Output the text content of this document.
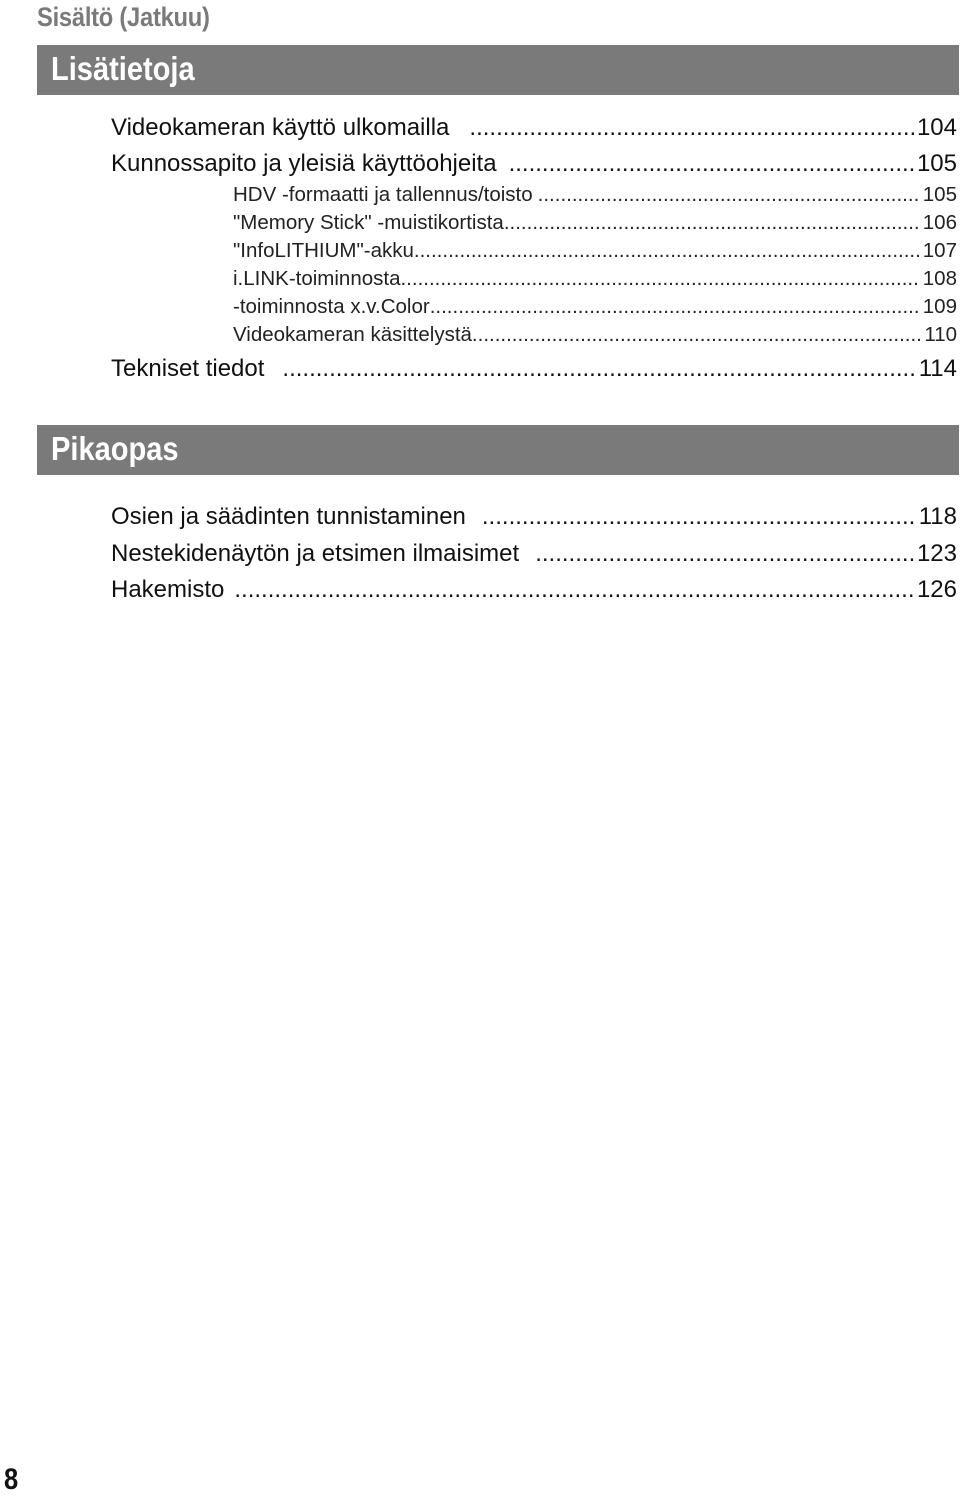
Sisältö (Jatkuu)
Lisätietoja
Videokameran käyttö ulkomailla .....	104
Kunnossapito ja yleisiä käyttöohjeita .....	105
HDV -formaatti ja tallennus/toisto .....	105
"Memory Stick" -muistikortista .....	106
"InfoLITHIUM"-akku .....	107
i.LINK-toiminnosta .....	108
-toiminnosta x.v.Color .....	109
Videokameran käsittelystä .....	110
Tekniset tiedot .....	114
Pikaopas
Osien ja säädinten tunnistaminen .....	118
Nestekidenäytön ja etsimen ilmaisimet .....	123
Hakemisto .....	126
8
